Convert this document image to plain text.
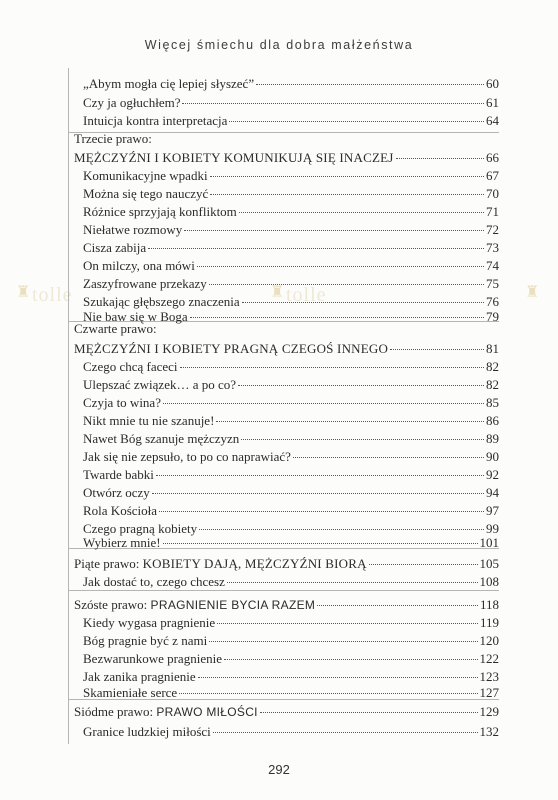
Więcej śmiechu dla dobra małżeństwa
♜ tolle	♜ tolle	♜
„Abym mogła cię lepiej słyszeć”	60
Czy ja ogłuchłem?	61
Intuicja kontra interpretacja	64
Trzecie prawo:
MĘŻCZYŹNI I KOBIETY KOMUNIKUJĄ SIĘ INACZEJ	66
Komunikacyjne wpadki	67
Można się tego nauczyć	70
Różnice sprzyjają konfliktom	71
Niełatwe rozmowy	72
Cisza zabija	73
On milczy, ona mówi	74
Zaszyfrowane przekazy	75
Szukając głębszego znaczenia	76
Nie baw się w Boga	79
Czwarte prawo:
MĘŻCZYŹNI I KOBIETY PRAGNĄ CZEGOŚ INNEGO	81
Czego chcą faceci	82
Ulepszać związek… a po co?	82
Czyja to wina?	85
Nikt mnie tu nie szanuje!	86
Nawet Bóg szanuje mężczyzn	89
Jak się nie zepsuło, to po co naprawiać?	90
Twarde babki	92
Otwórz oczy	94
Rola Kościoła	97
Czego pragną kobiety	99
Wybierz mnie!	101
Piąte prawo: KOBIETY DAJĄ, MĘŻCZYŹNI BIORĄ	105
Jak dostać to, czego chcesz	108
Szóste prawo: PRAGNIENIE BYCIA RAZEM	118
Kiedy wygasa pragnienie	119
Bóg pragnie być z nami	120
Bezwarunkowe pragnienie	122
Jak zanika pragnienie	123
Skamieniałe serce	127
Siódme prawo: PRAWO MIŁOŚCI	129
Granice ludzkiej miłości	132
292
